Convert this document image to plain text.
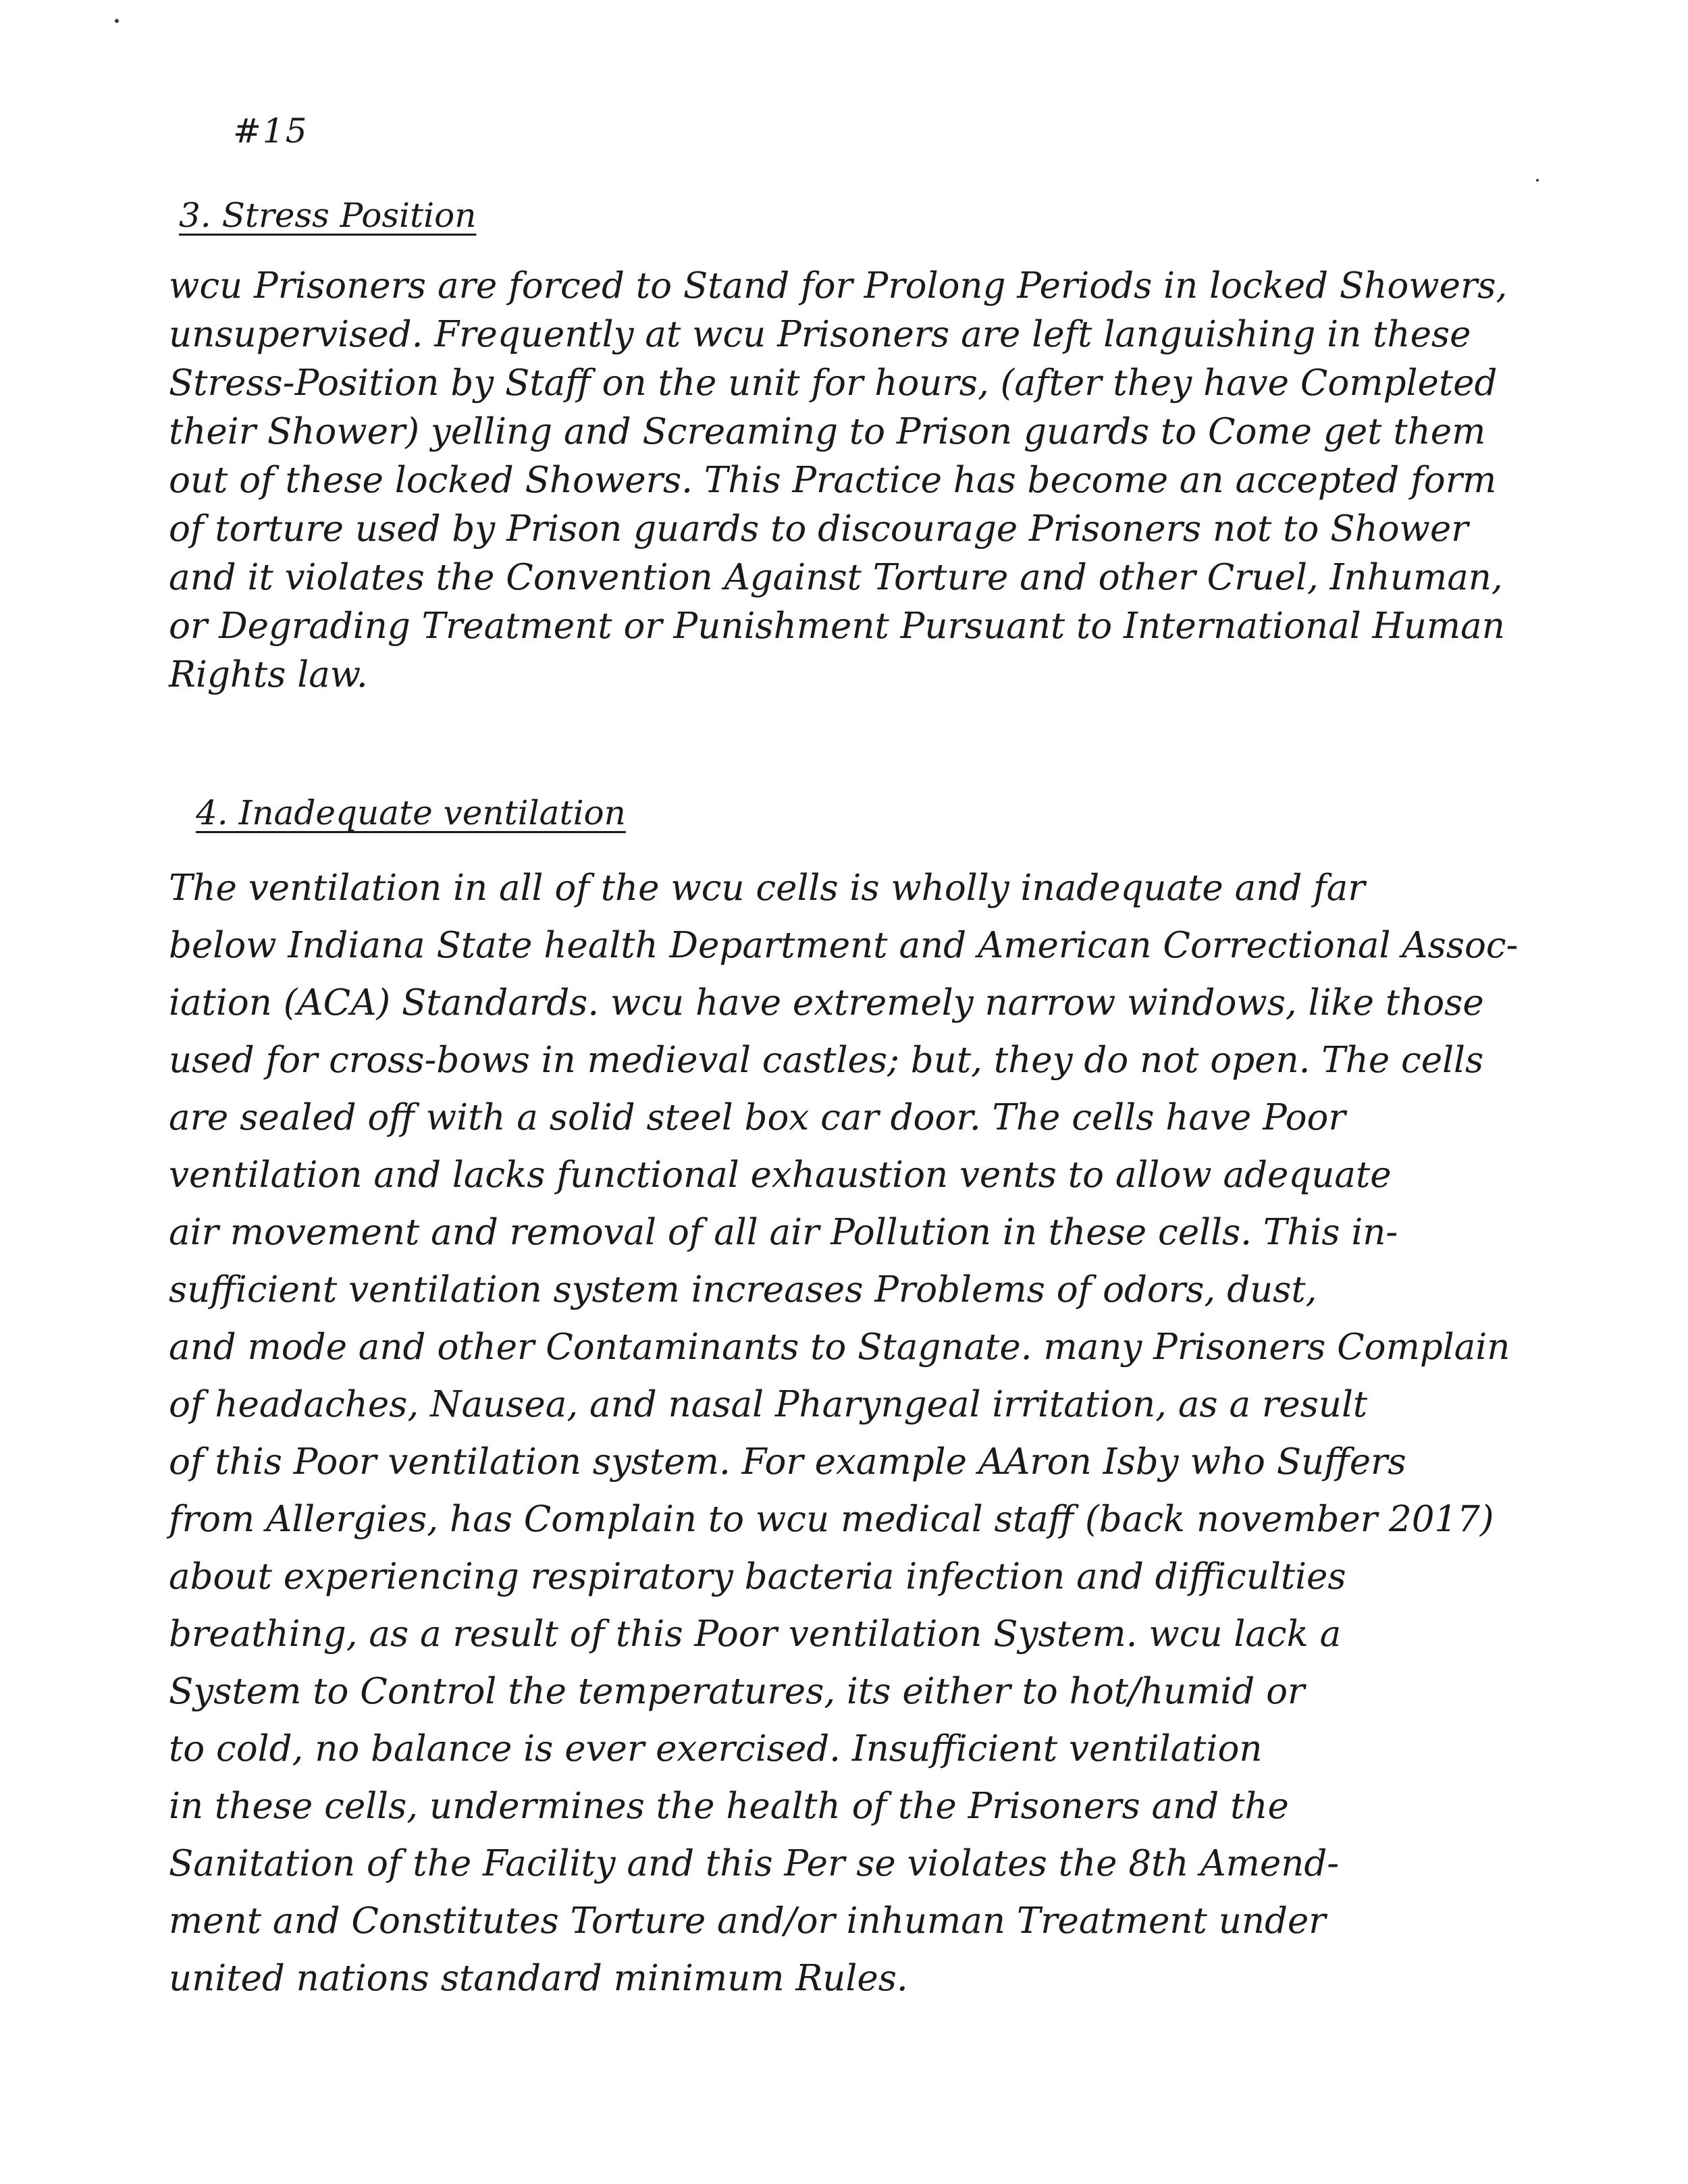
#15
3. Stress Position
wcu Prisoners are forced to Stand for Prolong Periods in locked Showers,
unsupervised. Frequently at wcu Prisoners are left languishing in these
Stress-Position by Staff on the unit for hours, (after they have Completed
their Shower) yelling and Screaming to Prison guards to Come get them
out of these locked Showers. This Practice has become an accepted form
of torture used by Prison guards to discourage Prisoners not to Shower
and it violates the Convention Against Torture and other Cruel, Inhuman,
or Degrading Treatment or Punishment Pursuant to International Human
Rights law.
4. Inadequate ventilation
The ventilation in all of the wcu cells is wholly inadequate and far
below Indiana State health Department and American Correctional Assoc-
iation (ACA) Standards. wcu have extremely narrow windows, like those
used for cross-bows in medieval castles; but, they do not open. The cells
are sealed off with a solid steel box car door. The cells have Poor
ventilation and lacks functional exhaustion vents to allow adequate
air movement and removal of all air Pollution in these cells. This in-
sufficient ventilation system increases Problems of odors, dust,
and mode and other Contaminants to Stagnate. many Prisoners Complain
of headaches, Nausea, and nasal Pharyngeal irritation, as a result
of this Poor ventilation system. For example AAron Isby who Suffers
from Allergies, has Complain to wcu medical staff (back november 2017)
about experiencing respiratory bacteria infection and difficulties
breathing, as a result of this Poor ventilation System. wcu lack a
System to Control the temperatures, its either to hot/humid or
to cold, no balance is ever exercised. Insufficient ventilation
in these cells, undermines the health of the Prisoners and the
Sanitation of the Facility and this Per se violates the 8th Amend-
ment and Constitutes Torture and/or inhuman Treatment under
united nations standard minimum Rules.
